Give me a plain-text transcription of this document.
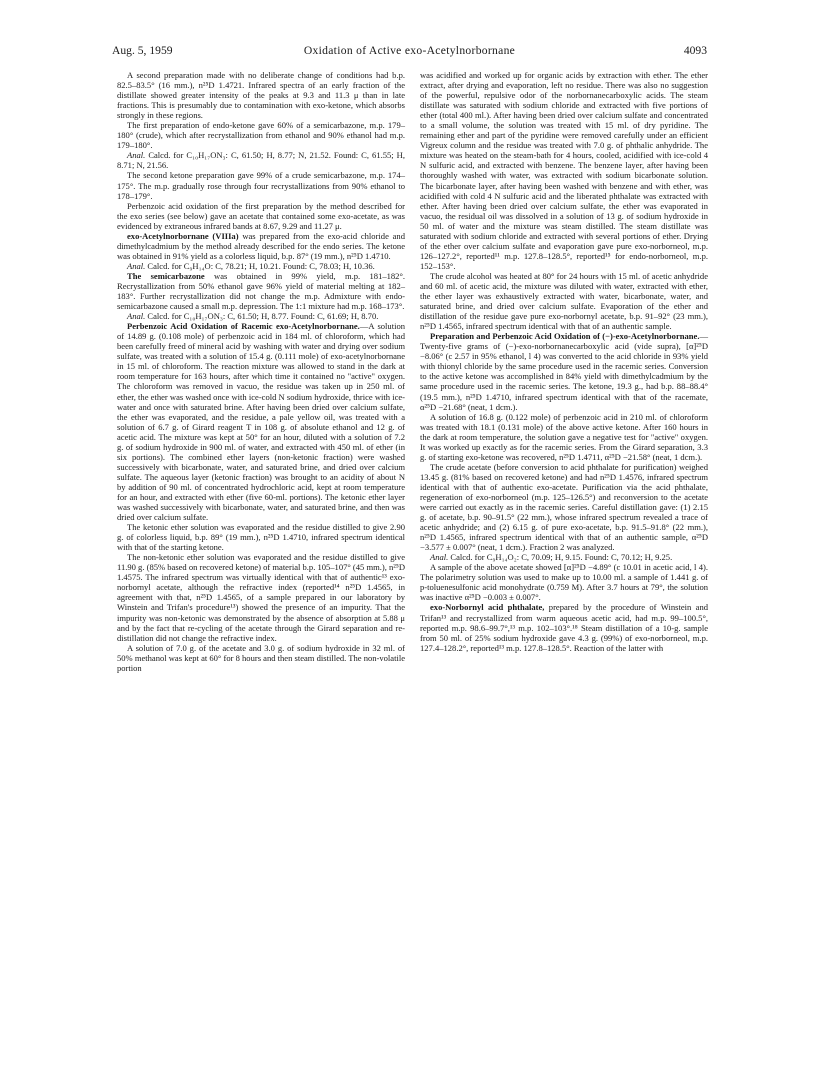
Aug. 5, 1959	Oxidation of Active exo-Acetylnorbornane	4093

A second preparation made with no deliberate change of conditions had b.p. 82.5–83.5° (16 mm.), n²⁵D 1.4721. Infrared spectra of an early fraction of the distillate showed greater intensity of the peaks at 9.3 and 11.3 μ than in late fractions. This is presumably due to contamination with exo-ketone, which absorbs strongly in these regions.

The first preparation of endo-ketone gave 60% of a semicarbazone, m.p. 179–180° (crude), which after recrystallization from ethanol and 90% ethanol had m.p. 179–180°.

Anal. Calcd. for C₁₀H₁₇ON₃: C, 61.50; H, 8.77; N, 21.52. Found: C, 61.55; H, 8.71; N, 21.56.

The second ketone preparation gave 99% of a crude semicarbazone, m.p. 174–175°. The m.p. gradually rose through four recrystallizations from 90% ethanol to 178–179°.

Perbenzoic acid oxidation of the first preparation by the method described for the exo series (see below) gave an acetate that contained some exo-acetate, as was evidenced by extraneous infrared bands at 8.67, 9.29 and 11.27 μ.

exo-Acetylnorbornane (VIIIa) was prepared from the exo-acid chloride and dimethylcadmium by the method already described for the endo series. The ketone was obtained in 91% yield as a colorless liquid, b.p. 87° (19 mm.), n²⁵D 1.4710.

Anal. Calcd. for C₉H₁₄O: C, 78.21; H, 10.21. Found: C, 78.03; H, 10.36.

The semicarbazone was obtained in 99% yield, m.p. 181–182°. Recrystallization from 50% ethanol gave 96% yield of material melting at 182–183°. Further recrystallization did not change the m.p. Admixture with endo-semicarbazone caused a small m.p. depression. The 1:1 mixture had m.p. 168–173°.

Anal. Calcd. for C₁₀H₁₇ON₃: C, 61.50; H, 8.77. Found: C, 61.69; H, 8.70.

Perbenzoic Acid Oxidation of Racemic exo-Acetylnorbornane.—A solution of 14.89 g. (0.108 mole) of perbenzoic acid in 184 ml. of chloroform, which had been carefully freed of mineral acid by washing with water and drying over sodium sulfate, was treated with a solution of 15.4 g. (0.111 mole) of exo-acetylnorbornane in 15 ml. of chloroform. The reaction mixture was allowed to stand in the dark at room temperature for 163 hours, after which time it contained no "active" oxygen. The chloroform was removed in vacuo, the residue was taken up in 250 ml. of ether, the ether was washed once with ice-cold N sodium hydroxide, thrice with ice-water and once with saturated brine. After having been dried over calcium sulfate, the ether was evaporated, and the residue, a pale yellow oil, was treated with a solution of 6.7 g. of Girard reagent T in 108 g. of absolute ethanol and 12 g. of acetic acid. The mixture was kept at 50° for an hour, diluted with a solution of 7.2 g. of sodium hydroxide in 900 ml. of water, and extracted with 450 ml. of ether (in six portions). The combined ether layers (non-ketonic fraction) were washed successively with bicarbonate, water, and saturated brine, and dried over calcium sulfate. The aqueous layer (ketonic fraction) was brought to an acidity of about N by addition of 90 ml. of concentrated hydrochloric acid, kept at room temperature for an hour, and extracted with ether (five 60-ml. portions). The ketonic ether layer was washed successively with bicarbonate, water, and saturated brine, and then was dried over calcium sulfate.

The ketonic ether solution was evaporated and the residue distilled to give 2.90 g. of colorless liquid, b.p. 89° (19 mm.), n²⁵D 1.4710, infrared spectrum identical with that of the starting ketone.

The non-ketonic ether solution was evaporated and the residue distilled to give 11.90 g. (85% based on recovered ketone) of material b.p. 105–107° (45 mm.), n²⁵D 1.4575. The infrared spectrum was virtually identical with that of authentic¹³ exo-norbornyl acetate, although the refractive index (reported¹⁴ n²⁵D 1.4565, in agreement with that, n²⁵D 1.4565, of a sample prepared in our laboratory by Winstein and Trifan's procedure¹³) showed the presence of an impurity. That the impurity was non-ketonic was demonstrated by the absence of absorption at 5.88 μ and by the fact that re-cycling of the acetate through the Girard separation and re-distillation did not change the refractive index.

A solution of 7.0 g. of the acetate and 3.0 g. of sodium hydroxide in 32 ml. of 50% methanol was kept at 60° for 8 hours and then steam distilled. The non-volatile portion

was acidified and worked up for organic acids by extraction with ether. The ether extract, after drying and evaporation, left no residue. There was also no suggestion of the powerful, repulsive odor of the norbornanecarboxylic acids. The steam distillate was saturated with sodium chloride and extracted with five portions of ether (total 400 ml.). After having been dried over calcium sulfate and concentrated to a small volume, the solution was treated with 15 ml. of dry pyridine. The remaining ether and part of the pyridine were removed carefully under an efficient Vigreux column and the residue was treated with 7.0 g. of phthalic anhydride. The mixture was heated on the steam-bath for 4 hours, cooled, acidified with ice-cold 4 N sulfuric acid, and extracted with benzene. The benzene layer, after having been thoroughly washed with water, was extracted with sodium bicarbonate solution. The bicarbonate layer, after having been washed with benzene and with ether, was acidified with cold 4 N sulfuric acid and the liberated phthalate was extracted with ether. After having been dried over calcium sulfate, the ether was evaporated in vacuo, the residual oil was dissolved in a solution of 13 g. of sodium hydroxide in 50 ml. of water and the mixture was steam distilled. The steam distillate was saturated with sodium chloride and extracted with several portions of ether. Drying of the ether over calcium sulfate and evaporation gave pure exo-norborneol, m.p. 126–127.2°, reported¹¹ m.p. 127.8–128.5°, reported¹⁵ for endo-norborneol, m.p. 152–153°.

The crude alcohol was heated at 80° for 24 hours with 15 ml. of acetic anhydride and 60 ml. of acetic acid, the mixture was diluted with water, extracted with ether, the ether layer was exhaustively extracted with water, bicarbonate, water, and saturated brine, and dried over calcium sulfate. Evaporation of the ether and distillation of the residue gave pure exo-norbornyl acetate, b.p. 91–92° (23 mm.), n²⁵D 1.4565, infrared spectrum identical with that of an authentic sample.

Preparation and Perbenzoic Acid Oxidation of (−)-exo-Acetylnorbornane.—Twenty-five grams of (−)-exo-norbornanecarboxylic acid (vide supra), [α]²⁵D −8.06° (c 2.57 in 95% ethanol, l 4) was converted to the acid chloride in 93% yield with thionyl chloride by the same procedure used in the racemic series. Conversion to the active ketone was accomplished in 84% yield with dimethylcadmium by the same procedure used in the racemic series. The ketone, 19.3 g., had b.p. 88–88.4° (19.5 mm.), n²⁵D 1.4710, infrared spectrum identical with that of the racemate, α²⁵D −21.68° (neat, 1 dcm.).

A solution of 16.8 g. (0.122 mole) of perbenzoic acid in 210 ml. of chloroform was treated with 18.1 (0.131 mole) of the above active ketone. After 160 hours in the dark at room temperature, the solution gave a negative test for "active" oxygen. It was worked up exactly as for the racemic series. From the Girard separation, 3.3 g. of starting exo-ketone was recovered, n²⁵D 1.4711, α²⁵D −21.58° (neat, 1 dcm.).

The crude acetate (before conversion to acid phthalate for purification) weighed 13.45 g. (81% based on recovered ketone) and had n²⁵D 1.4576, infrared spectrum identical with that of authentic exo-acetate. Purification via the acid phthalate, regeneration of exo-norborneol (m.p. 125–126.5°) and reconversion to the acetate were carried out exactly as in the racemic series. Careful distillation gave: (1) 2.15 g. of acetate, b.p. 90–91.5° (22 mm.), whose infrared spectrum revealed a trace of acetic anhydride; and (2) 6.15 g. of pure exo-acetate, b.p. 91.5–91.8° (22 mm.), n²⁵D 1.4565, infrared spectrum identical with that of an authentic sample, α²⁵D −3.577 ± 0.007° (neat, 1 dcm.). Fraction 2 was analyzed.

Anal. Calcd. for C₉H₁₄O₂: C, 70.09; H, 9.15. Found: C, 70.12; H, 9.25.

A sample of the above acetate showed [α]²⁵D −4.89° (c 10.01 in acetic acid, l 4). The polarimetry solution was used to make up to 10.00 ml. a sample of 1.441 g. of p-toluenesulfonic acid monohydrate (0.759 M). After 3.7 hours at 79°, the solution was inactive α²⁵D −0.003 ± 0.007°.

exo-Norbornyl acid phthalate, prepared by the procedure of Winstein and Trifan¹³ and recrystallized from warm aqueous acetic acid, had m.p. 99–100.5°, reported m.p. 98.6–99.7°,¹³ m.p. 102–103°.¹⁸ Steam distillation of a 10-g. sample from 50 ml. of 25% sodium hydroxide gave 4.3 g. (99%) of exo-norborneol, m.p. 127.4–128.2°, reported¹³ m.p. 127.8–128.5°. Reaction of the latter with
